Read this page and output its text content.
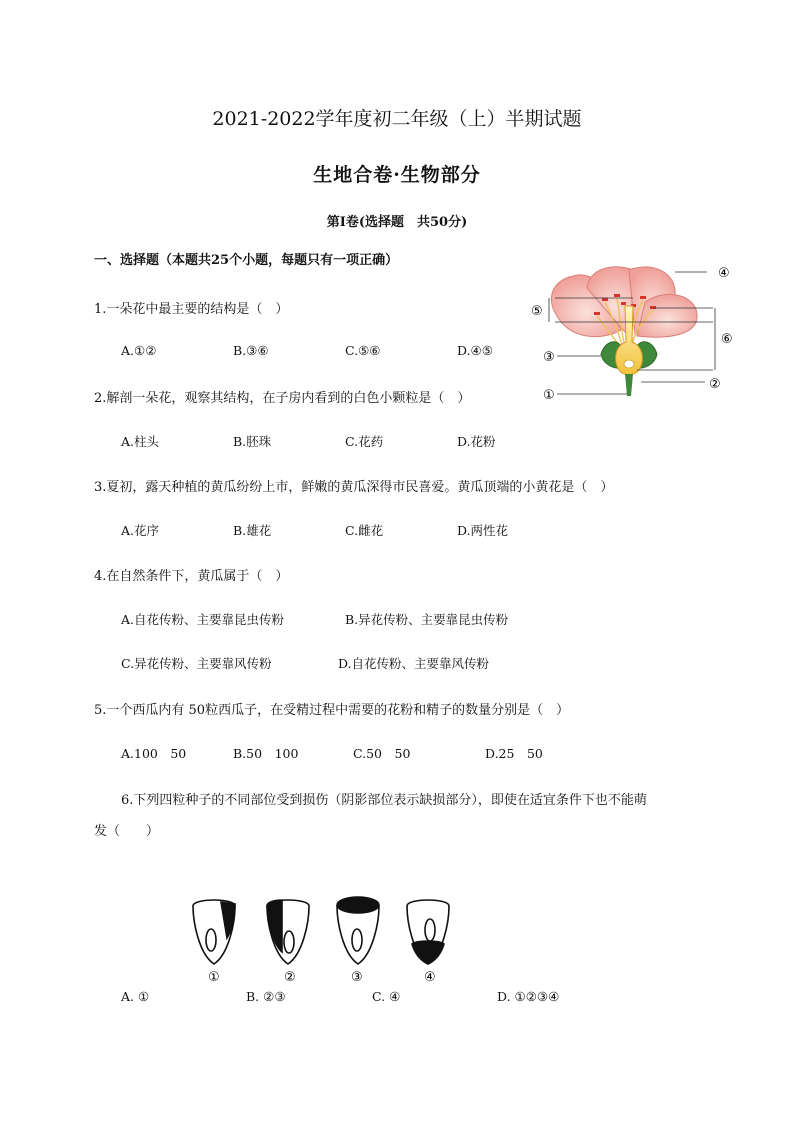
2021-2022学年度初二年级（上）半期试题
生地合卷·生物部分
第I卷(选择题　共50分)
一、选择题（本题共25个小题，每题只有一项正确）
1.一朵花中最主要的结构是（　）
A.①②	B.③⑥	C.⑤⑥	D.④⑤
2.解剖一朵花，观察其结构，在子房内看到的白色小颗粒是（　）
A.柱头	B.胚珠	C.花药	D.花粉
3.夏初，露天种植的黄瓜纷纷上市，鲜嫩的黄瓜深得市民喜爱。黄瓜顶端的小黄花是（　）
A.花序	B.雄花	C.雌花	D.两性花
4.在自然条件下，黄瓜属于（　）
A.自花传粉、主要靠昆虫传粉	B.异花传粉、主要靠昆虫传粉
C.异花传粉、主要靠风传粉	D.自花传粉、主要靠风传粉
5.一个西瓜内有 50粒西瓜子，在受精过程中需要的花粉和精子的数量分别是（　）
A.100　50	B.50　100	C.50　50	D.25　50
6.下列四粒种子的不同部位受到损伤（阴影部位表示缺损部分），即使在适宜条件下也不能萌
发（　　）
A. ①	B. ②③	C. ④	D. ①②③④
④
⑤
⑥
③
②
①
①	②	③	④
